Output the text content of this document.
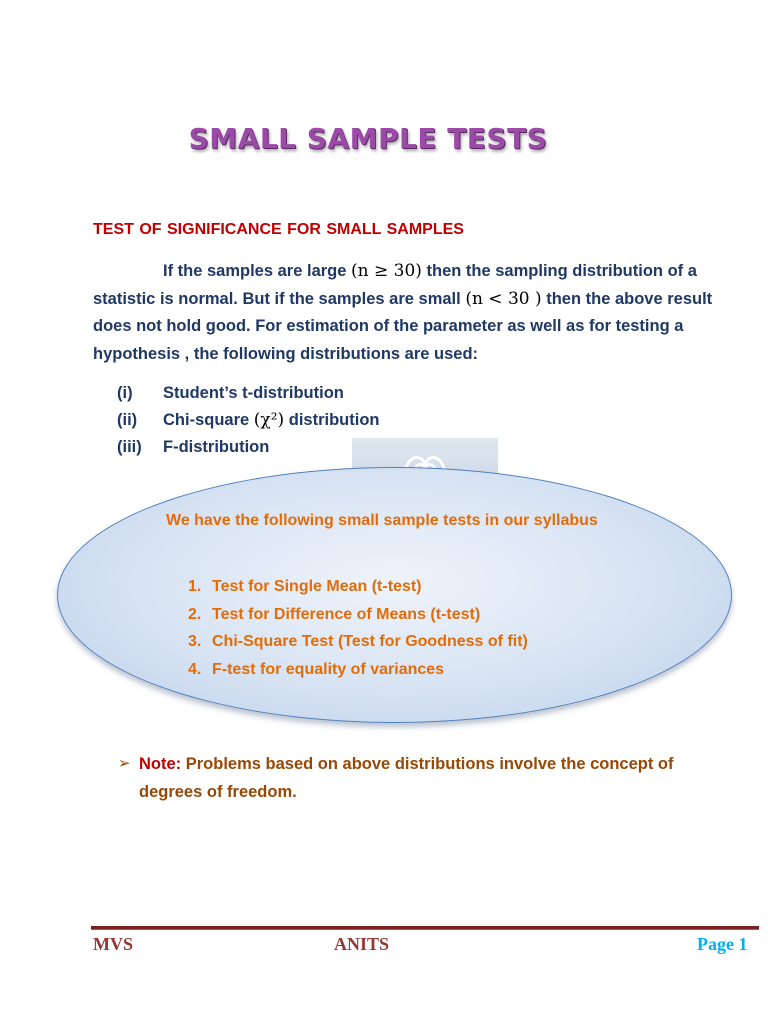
SMALL SAMPLE TESTS
TEST OF SIGNIFICANCE FOR SMALL SAMPLES

If the samples are large (n ≥ 30) then the sampling distribution of a statistic is normal. But if the samples are small (n < 30 ) then the above result does not hold good. For estimation of the parameter as well as for testing a hypothesis , the following distributions are used:

(i) Student’s t-distribution
(ii) Chi-square (χ²) distribution
(iii) F-distribution

We have the following small sample tests in our syllabus

1. Test for Single Mean (t-test)
2. Test for Difference of Means (t-test)
3. Chi-Square Test (Test for Goodness of fit)
4. F-test for equality of variances
➢ Note: Problems based on above distributions involve the concept of degrees of freedom.
MVS	ANITS	Page 1
